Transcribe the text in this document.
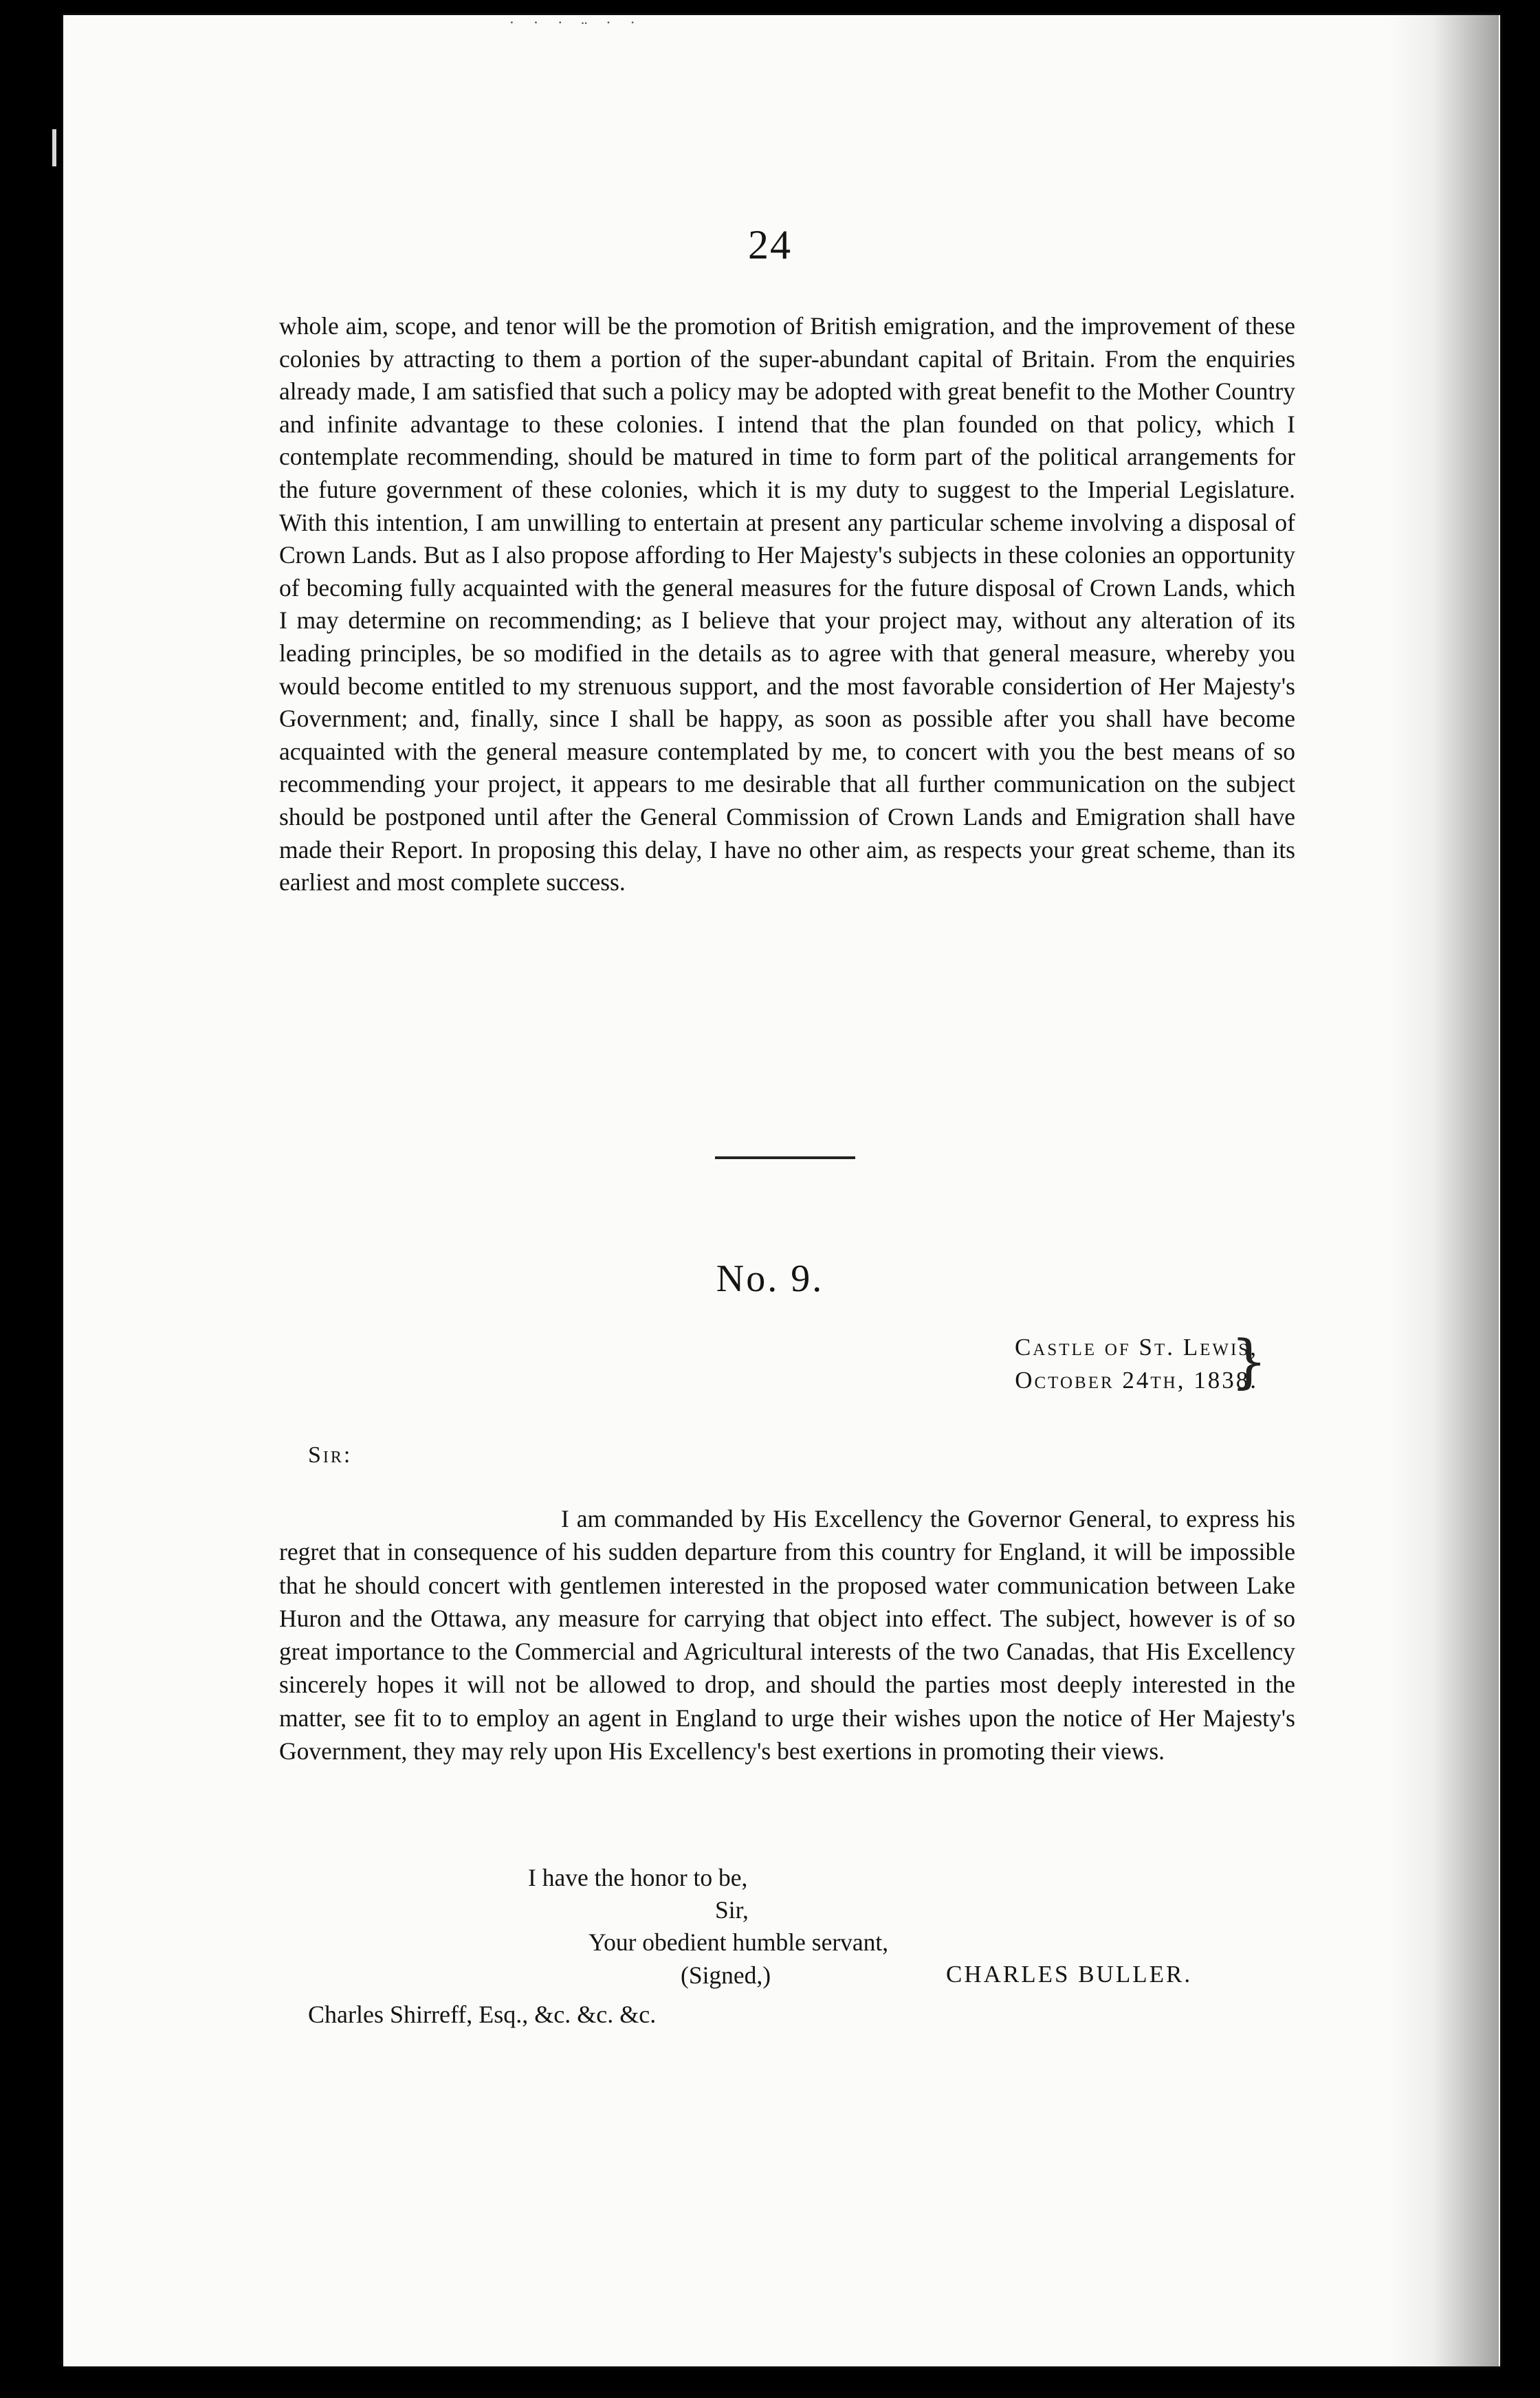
˙ ˙ ˙ ¨ ˙ ˙
24

whole aim, scope, and tenor will be the promotion of British emigration, and the improvement of these colonies by attracting to them a portion of the super-abundant capital of Britain. From the enquiries already made, I am satisfied that such a policy may be adopted with great benefit to the Mother Country and infinite advantage to these colonies. I intend that the plan founded on that policy, which I contemplate recommending, should be matured in time to form part of the political arrangements for the future government of these colonies, which it is my duty to suggest to the Imperial Legislature. With this intention, I am unwilling to entertain at present any particular scheme involving a disposal of Crown Lands. But as I also propose affording to Her Majesty's subjects in these colonies an opportunity of becoming fully acquainted with the general measures for the future disposal of Crown Lands, which I may determine on recommending; as I believe that your project may, without any alteration of its leading principles, be so modified in the details as to agree with that general measure, whereby you would become entitled to my strenuous support, and the most favorable considertion of Her Majesty's Government; and, finally, since I shall be happy, as soon as possible after you shall have become acquainted with the general measure contemplated by me, to concert with you the best means of so recommending your project, it appears to me desirable that all further communication on the subject should be postponed until after the General Commission of Crown Lands and Emigration shall have made their Report. In proposing this delay, I have no other aim, as respects your great scheme, than its earliest and most complete success.

No. 9.
Castle of St. Lewis,
October 24th, 1838.
}
Sir:

I am commanded by His Excellency the Governor General, to express his regret that in consequence of his sudden departure from this country for England, it will be impossible that he should concert with gentlemen interested in the proposed water communication between Lake Huron and the Ottawa, any measure for carrying that object into effect. The subject, however is of so great importance to the Commercial and Agricultural interests of the two Canadas, that His Excellency sincerely hopes it will not be allowed to drop, and should the parties most deeply interested in the matter, see fit to to employ an agent in England to urge their wishes upon the notice of Her Majesty's Government, they may rely upon His Excellency's best exertions in promoting their views.

I have the honor to be,
Sir,
Your obedient humble servant,
(Signed,)	CHARLES BULLER.
Charles Shirreff, Esq., &c. &c. &c.
